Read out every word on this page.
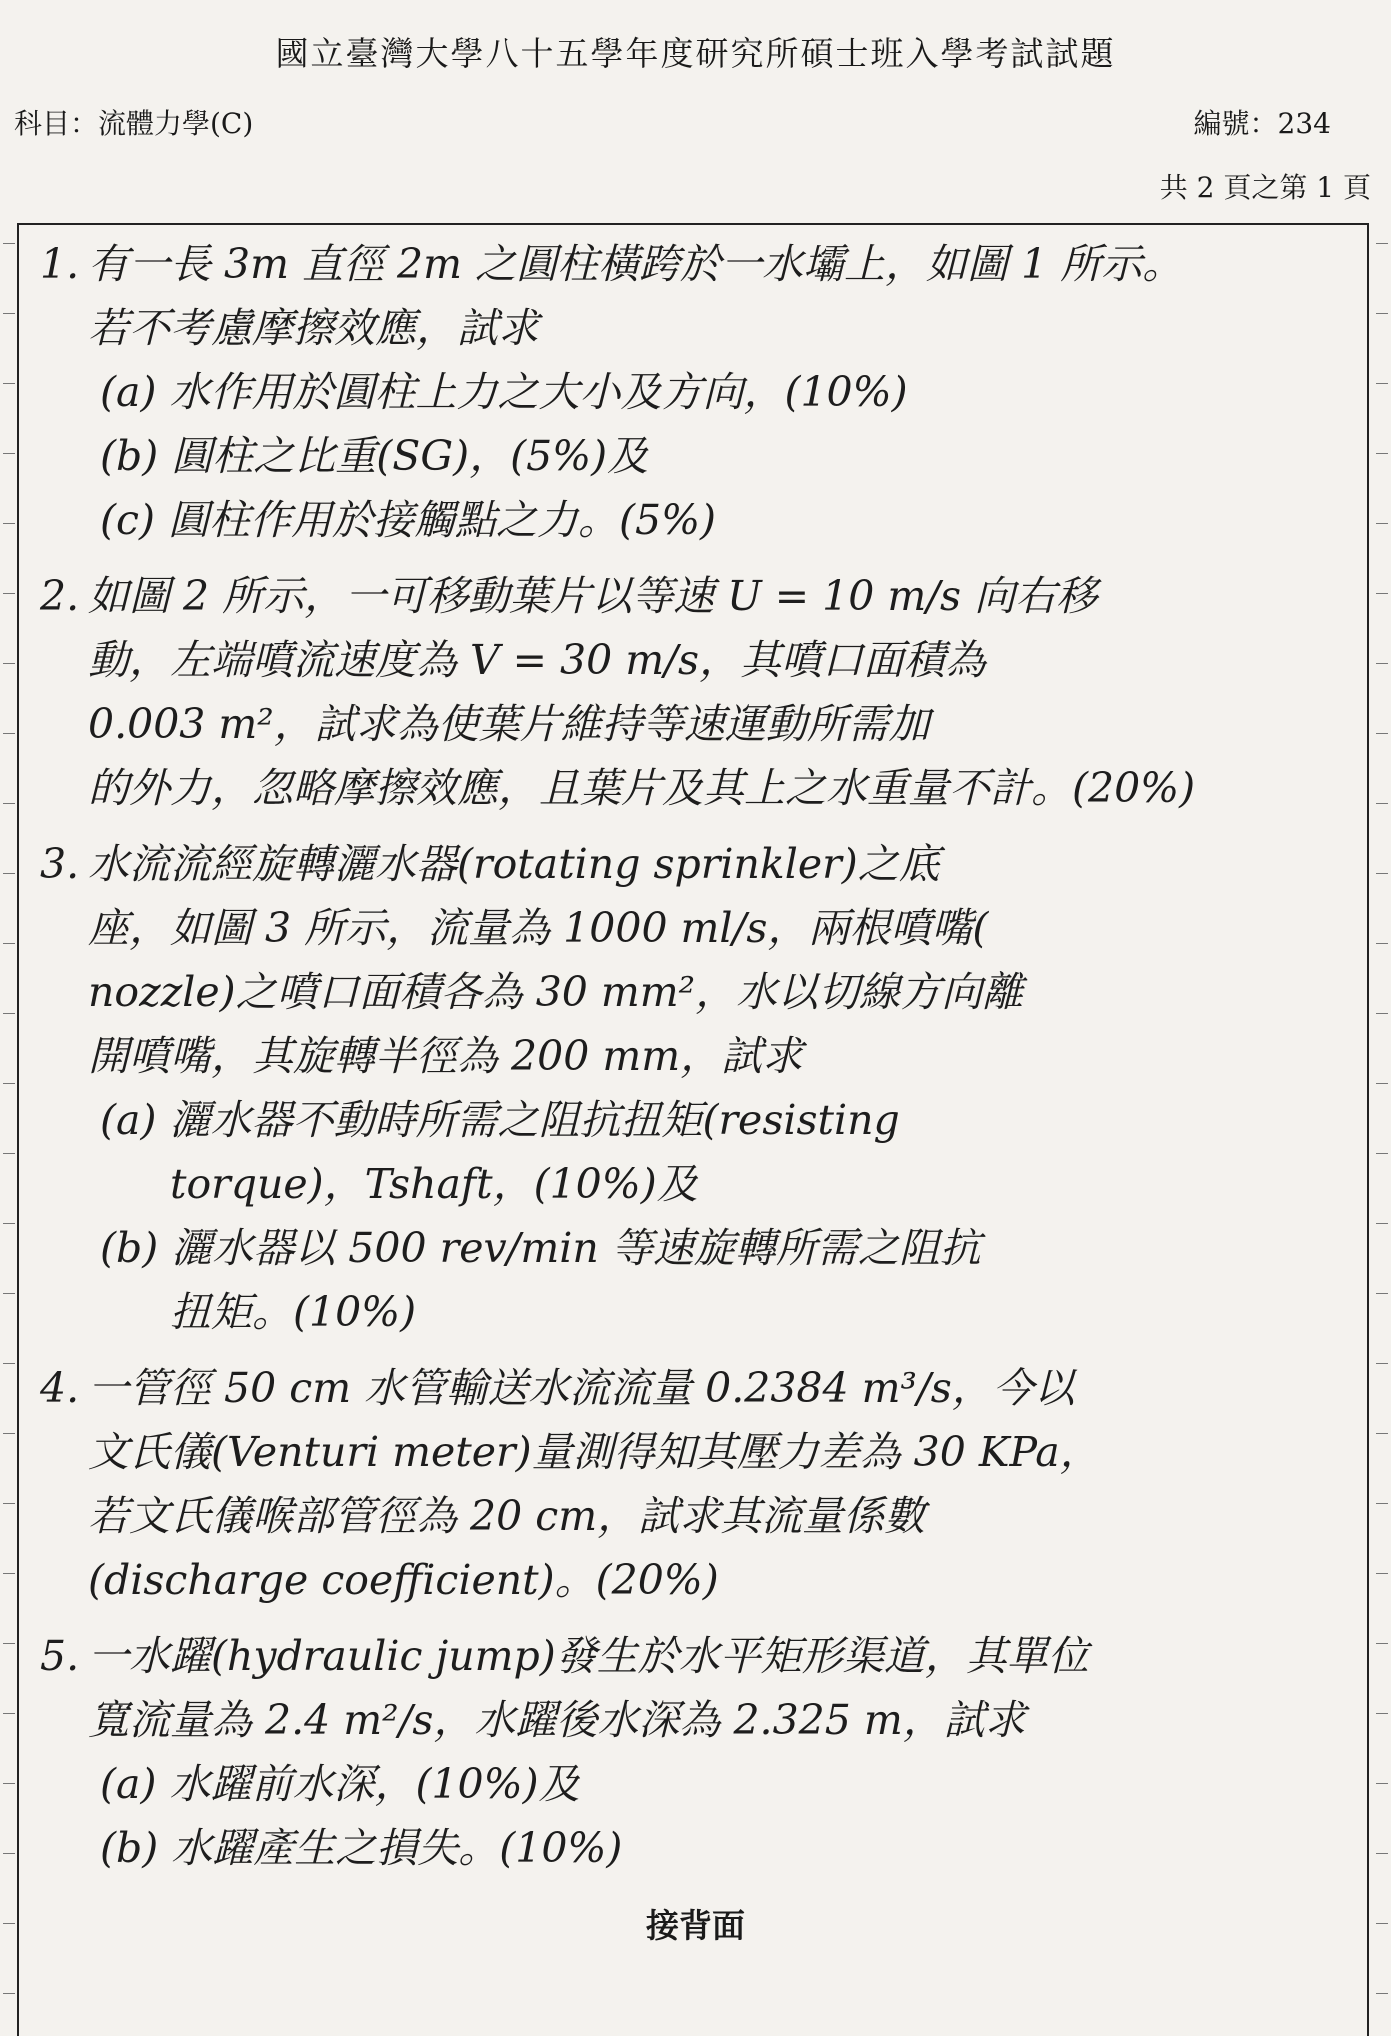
國立臺灣大學八十五學年度研究所碩士班入學考試試題
科目：流體力學(C)	編號：234
共 2 頁之第 1 頁
1. 有一長 3m 直徑 2m 之圓柱橫跨於一水壩上，如圖 1 所示。
若不考慮摩擦效應，試求
(a) 水作用於圓柱上力之大小及方向，(10%)
(b) 圓柱之比重(SG)，(5%)及
(c) 圓柱作用於接觸點之力。(5%)
2. 如圖 2 所示，一可移動葉片以等速 U = 10 m/s 向右移
動，左端噴流速度為 V = 30 m/s，其噴口面積為
0.003 m²，試求為使葉片維持等速運動所需加
的外力，忽略摩擦效應，且葉片及其上之水重量不計。(20%)
3. 水流流經旋轉灑水器(rotating sprinkler)之底
座，如圖 3 所示，流量為 1000 ml/s，兩根噴嘴(
nozzle)之噴口面積各為 30 mm²，水以切線方向離
開噴嘴，其旋轉半徑為 200 mm，試求
(a) 灑水器不動時所需之阻抗扭矩(resisting
torque)，Tshaft，(10%)及
(b) 灑水器以 500 rev/min 等速旋轉所需之阻抗
扭矩。(10%)
4. 一管徑 50 cm 水管輸送水流流量 0.2384 m³/s，今以
文氏儀(Venturi meter)量測得知其壓力差為 30 KPa，
若文氏儀喉部管徑為 20 cm，試求其流量係數
(discharge coefficient)。(20%)
5. 一水躍(hydraulic jump)發生於水平矩形渠道，其單位
寬流量為 2.4 m²/s，水躍後水深為 2.325 m，試求
(a) 水躍前水深，(10%)及
(b) 水躍產生之損失。(10%)
接背面
